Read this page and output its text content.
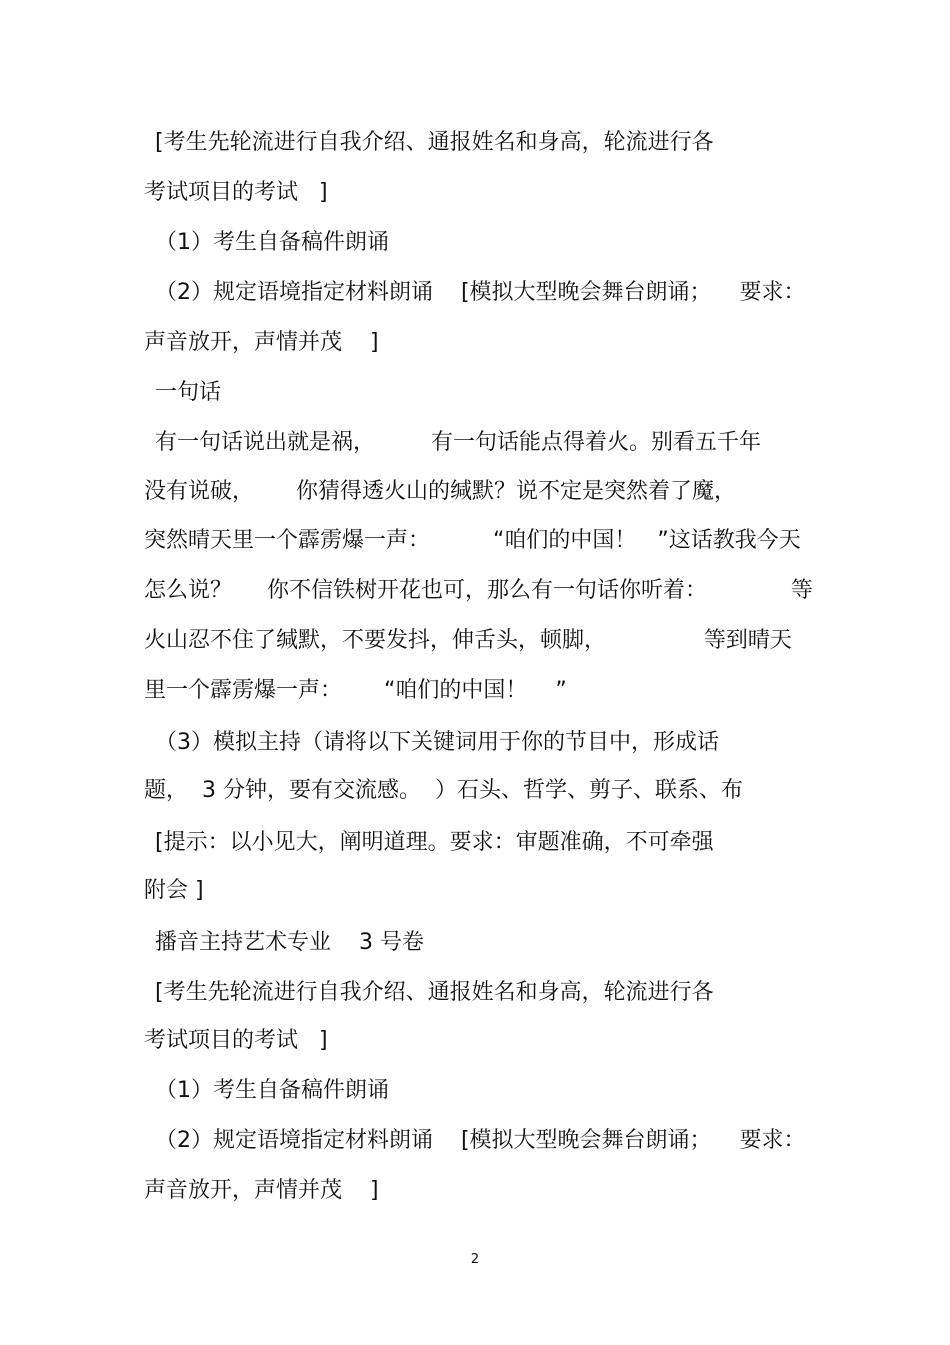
[考生先轮流进行自我介绍、通报姓名和身高，轮流进行各

考试项目的考试   ]

（1）考生自备稿件朗诵

（2）规定语境指定材料朗诵    [模拟大型晚会舞台朗诵；    要求：

声音放开，声情并茂    ]

一句话

有一句话说出就是祸，        有一句话能点得着火。别看五千年

没有说破，      你猜得透火山的缄默？说不定是突然着了魔，

突然晴天里一个霹雳爆一声：         “咱们的中国！   ”这话教我今天

怎么说？     你不信铁树开花也可，那么有一句话你听着：            等

火山忍不住了缄默，不要发抖，伸舌头，顿脚，              等到晴天

里一个霹雳爆一声：      “咱们的中国！    ”

（3）模拟主持（请将以下关键词用于你的节目中，形成话

题，  3 分钟，要有交流感。  ）石头、哲学、剪子、联系、布

[提示：以小见大，阐明道理。要求：审题准确，不可牵强

附会 ]

播音主持艺术专业    3 号卷

[考生先轮流进行自我介绍、通报姓名和身高，轮流进行各

考试项目的考试   ]

（1）考生自备稿件朗诵

（2）规定语境指定材料朗诵    [模拟大型晚会舞台朗诵；    要求：

声音放开，声情并茂    ]

2
